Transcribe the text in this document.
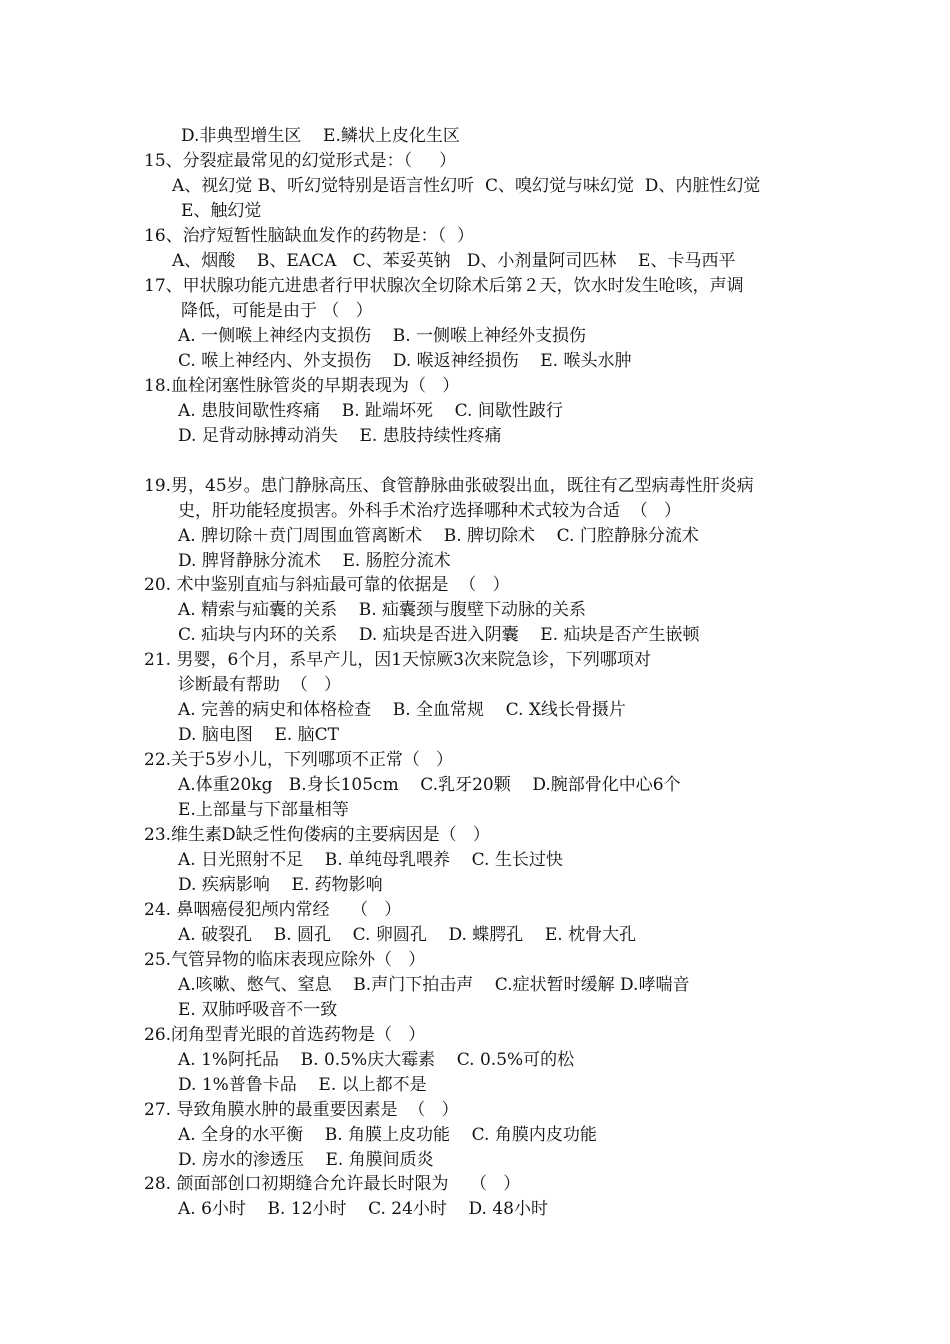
D.非典型增生区    E.鳞状上皮化生区
15、分裂症最常见的幻觉形式是：（     ）
A、视幻觉 B、听幻觉特别是语言性幻听  C、嗅幻觉与味幻觉  D、内脏性幻觉
E、触幻觉
16、治疗短暂性脑缺血发作的药物是：（  ）
A、烟酸    B、EACA   C、苯妥英钠   D、小剂量阿司匹林    E、卡马西平
17、甲状腺功能亢进患者行甲状腺次全切除术后第２天，饮水时发生呛咳，声调
降低，可能是由于 （   ）
A. 一侧喉上神经内支损伤    B. 一侧喉上神经外支损伤
C. 喉上神经内、外支损伤    D. 喉返神经损伤    E. 喉头水肿
18.血栓闭塞性脉管炎的早期表现为（   ）
A. 患肢间歇性疼痛    B. 趾端坏死    C. 间歇性跛行
D. 足背动脉搏动消失    E. 患肢持续性疼痛
19.男，45岁。患门静脉高压、食管静脉曲张破裂出血，既往有乙型病毒性肝炎病
史，肝功能轻度损害。外科手术治疗选择哪种术式较为合适  （   ）
A. 脾切除＋贲门周围血管离断术    B. 脾切除术    C. 门腔静脉分流术
D. 脾肾静脉分流术    E. 肠腔分流术
20. 术中鉴别直疝与斜疝最可靠的依据是  （   ）
A. 精索与疝囊的关系    B. 疝囊颈与腹壁下动脉的关系
C. 疝块与内环的关系    D. 疝块是否进入阴囊    E. 疝块是否产生嵌顿
21. 男婴，6个月，系早产儿，因1天惊厥3次来院急诊，下列哪项对
诊断最有帮助  （   ）
A. 完善的病史和体格检查    B. 全血常规    C. X线长骨摄片
D. 脑电图    E. 脑CT
22.关于5岁小儿，下列哪项不正常（   ）
A.体重20kg   B.身长105cm    C.乳牙20颗    D.腕部骨化中心6个
E.上部量与下部量相等
23.维生素D缺乏性佝偻病的主要病因是（   ）
A. 日光照射不足    B. 单纯母乳喂养    C. 生长过快
D. 疾病影响    E. 药物影响
24. 鼻咽癌侵犯颅内常经    （   ）
A. 破裂孔    B. 圆孔    C. 卵圆孔    D. 蝶腭孔    E. 枕骨大孔
25.气管异物的临床表现应除外（   ）
A.咳嗽、憋气、窒息    B.声门下拍击声    C.症状暂时缓解 D.哮喘音
E. 双肺呼吸音不一致
26.闭角型青光眼的首选药物是（   ）
A. 1%阿托品    B. 0.5%庆大霉素    C. 0.5%可的松
D. 1%普鲁卡品    E. 以上都不是
27. 导致角膜水肿的最重要因素是  （   ）
A. 全身的水平衡    B. 角膜上皮功能    C. 角膜内皮功能
D. 房水的渗透压    E. 角膜间质炎
28. 颌面部创口初期缝合允许最长时限为    （   ）
A. 6小时    B. 12小时    C. 24小时    D. 48小时
